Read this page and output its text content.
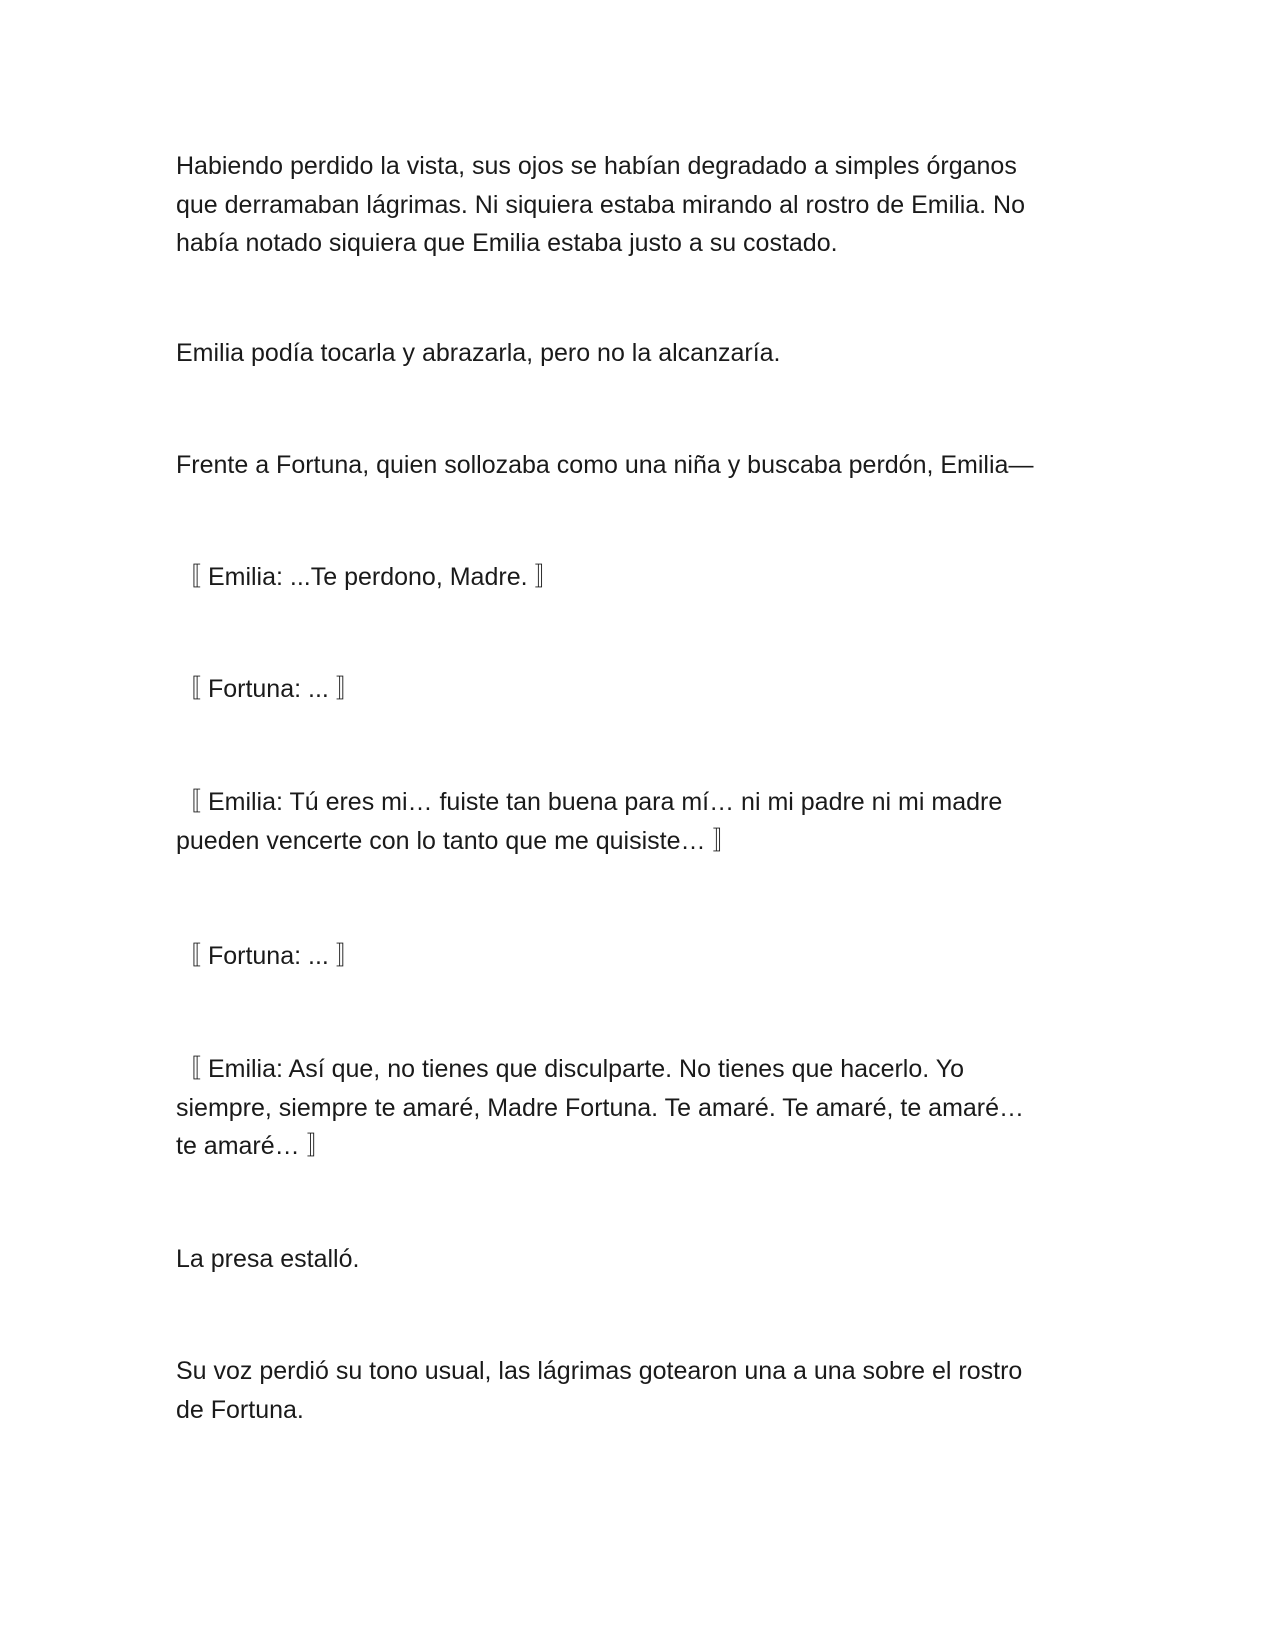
Habiendo perdido la vista, sus ojos se habían degradado a simples órganos
que derramaban lágrimas. Ni siquiera estaba mirando al rostro de Emilia. No
había notado siquiera que Emilia estaba justo a su costado.

Emilia podía tocarla y abrazarla, pero no la alcanzaría.

Frente a Fortuna, quien sollozaba como una niña y buscaba perdón, Emilia—

〚 Emilia: ...Te perdono, Madre. 〛

〚 Fortuna: ... 〛

〚 Emilia: Tú eres mi… fuiste tan buena para mí… ni mi padre ni mi madre
pueden vencerte con lo tanto que me quisiste… 〛

〚 Fortuna: ... 〛

〚 Emilia: Así que, no tienes que disculparte. No tienes que hacerlo. Yo
siempre, siempre te amaré, Madre Fortuna. Te amaré. Te amaré, te amaré…
te amaré… 〛

La presa estalló.

Su voz perdió su tono usual, las lágrimas gotearon una a una sobre el rostro
de Fortuna.
